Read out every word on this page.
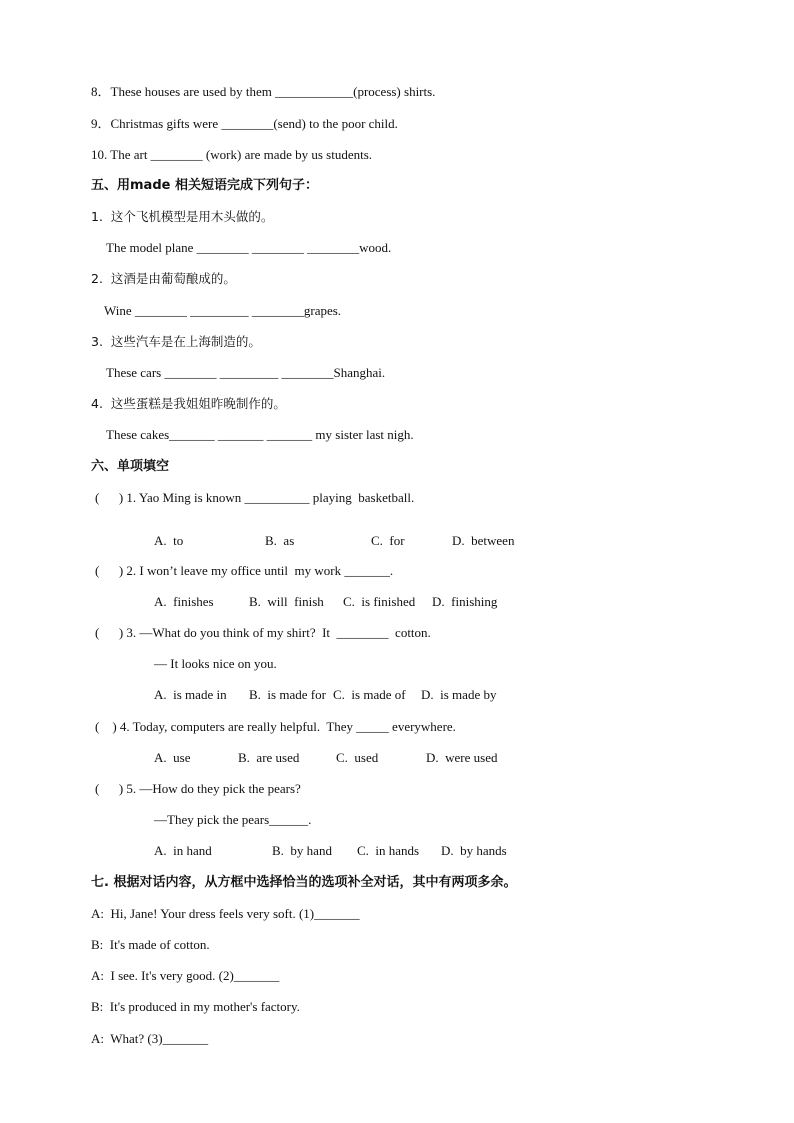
8．These houses are used by them ____________(process) shirts.
9．Christmas gifts were ________(send) to the poor child.
10. The art ________ (work) are made by us students.
五、用made 相关短语完成下列句子：
1.  这个飞机模型是用木头做的。
The model plane ________ ________ ________wood.
2.  这酒是由葡萄酿成的。
Wine ________ _________ ________grapes.
3.  这些汽车是在上海制造的。
These cars ________ _________ ________Shanghai.
4.  这些蛋糕是我姐姐昨晚制作的。
These cakes_______ _______ _______ my sister last nigh.
六、单项填空
(      ) 1. Yao Ming is known __________ playing  basketball.
A.  to	B.  as	C.  for	D.  between
(      ) 2. I won’t leave my office until  my work _______.
A.  finishes	B.  will  finish C.  is finished D.  finishing
(      ) 3. —What do you think of my shirt?  It  ________  cotton.
— It looks nice on you.
A.  is made in B.  is made for C.  is made of D.  is made by
(    ) 4. Today, computers are really helpful.  They _____ everywhere.
A.  use	B.  are used	C.  used	D.  were used
(      ) 5. —How do they pick the pears?
—They pick the pears______.
A.  in hand	B.  by hand C.  in hands D.  by hands
七. 根据对话内容，从方框中选择恰当的选项补全对话，其中有两项多余。
A:  Hi, Jane! Your dress feels very soft. (1)_______
B:  It's made of cotton.
A:  I see. It's very good. (2)_______
B:  It's produced in my mother's factory.
A:  What? (3)_______
